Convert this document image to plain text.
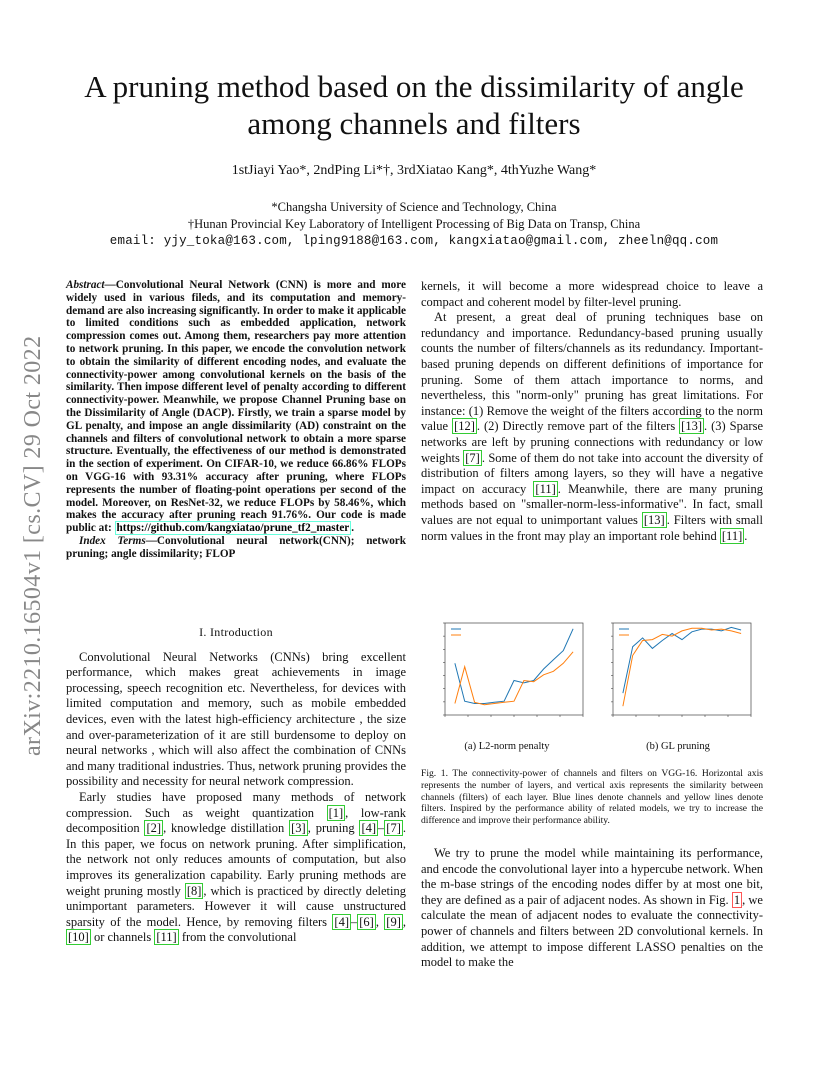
A pruning method based on the dissimilarity of angle among channels and filters
1stJiayi Yao*, 2ndPing Li*†, 3rdXiatao Kang*, 4thYuzhe Wang*
*Changsha University of Science and Technology, China
†Hunan Provincial Key Laboratory of Intelligent Processing of Big Data on Transp, China
email: yjy_toka@163.com, lping9188@163.com, kangxiatao@gmail.com, zheeln@qq.com
arXiv:2210.16504v1 [cs.CV] 29 Oct 2022
Abstract—Convolutional Neural Network (CNN) is more and more widely used in various fileds, and its computation and memory-demand are also increasing significantly. In order to make it applicable to limited conditions such as embedded application, network compression comes out. Among them, researchers pay more attention to network pruning. In this paper, we encode the convolution network to obtain the similarity of different encoding nodes, and evaluate the connectivity-power among convolutional kernels on the basis of the similarity. Then impose different level of penalty according to different connectivity-power. Meanwhile, we propose Channel Pruning base on the Dissimilarity of Angle (DACP). Firstly, we train a sparse model by GL penalty, and impose an angle dissimilarity (AD) constraint on the channels and filters of convolutional network to obtain a more sparse structure. Eventually, the effectiveness of our method is demonstrated in the section of experiment. On CIFAR-10, we reduce 66.86% FLOPs on VGG-16 with 93.31% accuracy after pruning, where FLOPs represents the number of floating-point operations per second of the model. Moreover, on ResNet-32, we reduce FLOPs by 58.46%, which makes the accuracy after pruning reach 91.76%. Our code is made public at: https://github.com/kangxiatao/prune_tf2_master .
Index Terms—Convolutional neural network(CNN); network pruning; angle dissimilarity; FLOP
I. Introduction

Convolutional Neural Networks (CNNs) bring excellent performance, which makes great achievements in image processing, speech recognition etc. Nevertheless, for devices with limited computation and memory, such as mobile embedded devices, even with the latest high-efficiency architecture , the size and over-parameterization of it are still burdensome to deploy on neural networks , which will also affect the combination of CNNs and many traditional industries. Thus, network pruning provides the possibility and necessity for neural network compression.

Early studies have proposed many methods of network compression. Such as weight quantization [1] , low-rank decomposition [2] , knowledge distillation [3] , pruning [4] – [7] . In this paper, we focus on network pruning. After simplification, the network not only reduces amounts of computation, but also improves its generalization capability. Early pruning methods are weight pruning mostly [8] , which is practiced by directly deleting unimportant parameters. However it will cause unstructured sparsity of the model. Hence, by removing filters [4] – [6] , [9] , [10] or channels [11] from the convolutional

kernels, it will become a more widespread choice to leave a compact and coherent model by filter-level pruning.

At present, a great deal of pruning techniques base on redundancy and importance. Redundancy-based pruning usually counts the number of filters/channels as its redundancy. Important-based pruning depends on different definitions of importance for pruning. Some of them attach importance to norms, and nevertheless, this "norm-only" pruning has great limitations. For instance: (1) Remove the weight of the filters according to the norm value [12] . (2) Directly remove part of the filters [13] . (3) Sparse networks are left by pruning connections with redundancy or low weights [7] . Some of them do not take into account the diversity of distribution of filters among layers, so they will have a negative impact on accuracy [11] . Meanwhile, there are many pruning methods based on "smaller-norm-less-informative". In fact, small values are not equal to unimportant values [13] . Filters with small norm values in the front may play an important role behind [11] .

(a) L2-norm penalty	(b) GL pruning
Fig. 1. The connectivity-power of channels and filters on VGG-16. Horizontal axis represents the number of layers, and vertical axis represents the similarity between channels (filters) of each layer. Blue lines denote channels and yellow lines denote filters. Inspired by the performance ability of related models, we try to increase the difference and improve their performance ability.

We try to prune the model while maintaining its performance, and encode the convolutional layer into a hypercube network. When the m-base strings of the encoding nodes differ by at most one bit, they are defined as a pair of adjacent nodes. As shown in Fig. 1 , we calculate the mean of adjacent nodes to evaluate the connectivity-power of channels and filters between 2D convolutional kernels. In addition, we attempt to impose different LASSO penalties on the model to make the
